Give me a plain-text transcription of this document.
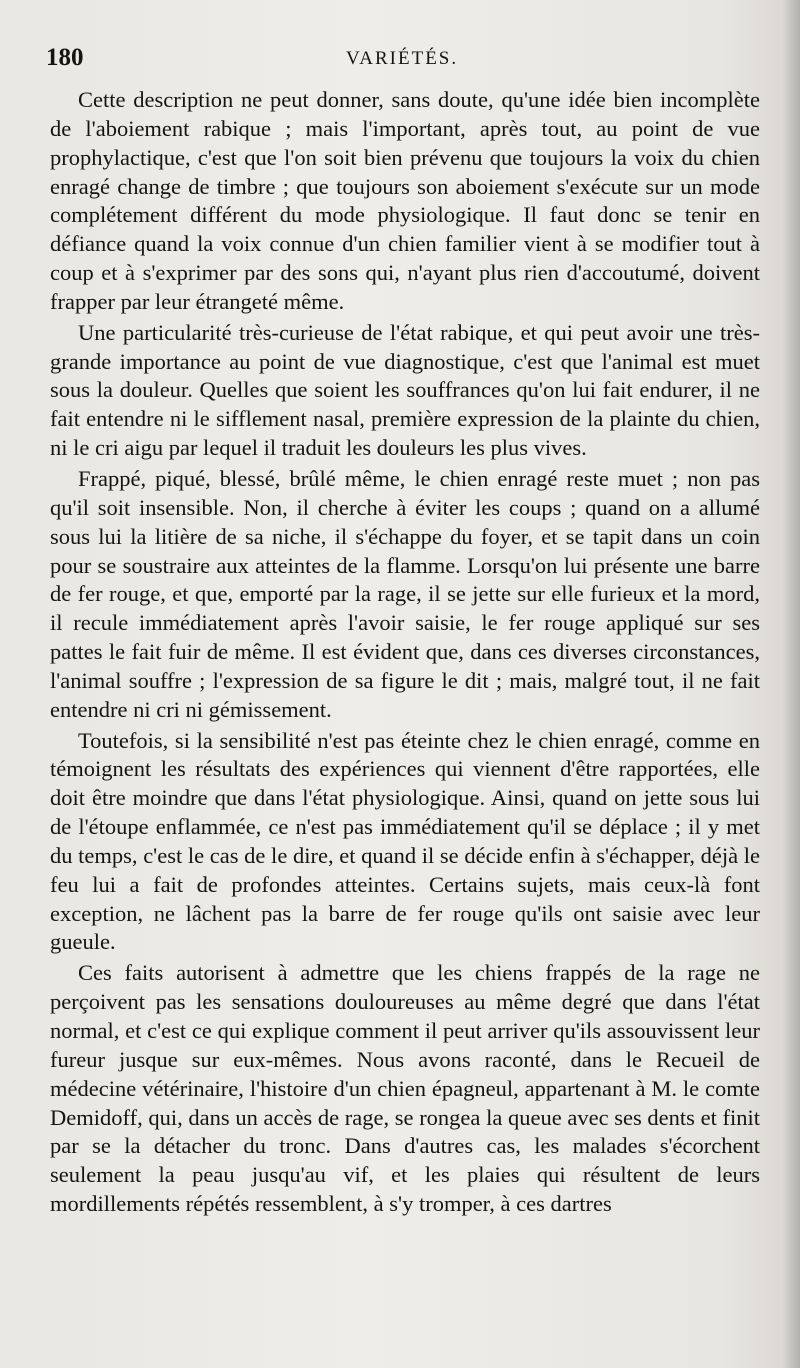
180	VARIÉTÉS.

Cette description ne peut donner, sans doute, qu'une idée bien incomplète de l'aboiement rabique ; mais l'important, après tout, au point de vue prophylactique, c'est que l'on soit bien prévenu que toujours la voix du chien enragé change de timbre ; que toujours son aboiement s'exécute sur un mode complétement différent du mode physiologique. Il faut donc se tenir en défiance quand la voix connue d'un chien familier vient à se modifier tout à coup et à s'exprimer par des sons qui, n'ayant plus rien d'accoutumé, doivent frapper par leur étrangeté même.

Une particularité très-curieuse de l'état rabique, et qui peut avoir une très-grande importance au point de vue diagnostique, c'est que l'animal est muet sous la douleur. Quelles que soient les souffrances qu'on lui fait endurer, il ne fait entendre ni le sifflement nasal, première expression de la plainte du chien, ni le cri aigu par lequel il traduit les douleurs les plus vives.

Frappé, piqué, blessé, brûlé même, le chien enragé reste muet ; non pas qu'il soit insensible. Non, il cherche à éviter les coups ; quand on a allumé sous lui la litière de sa niche, il s'échappe du foyer, et se tapit dans un coin pour se soustraire aux atteintes de la flamme. Lorsqu'on lui présente une barre de fer rouge, et que, emporté par la rage, il se jette sur elle furieux et la mord, il recule immédiatement après l'avoir saisie, le fer rouge appliqué sur ses pattes le fait fuir de même. Il est évident que, dans ces diverses circonstances, l'animal souffre ; l'expression de sa figure le dit ; mais, malgré tout, il ne fait entendre ni cri ni gémissement.

Toutefois, si la sensibilité n'est pas éteinte chez le chien enragé, comme en témoignent les résultats des expériences qui viennent d'être rapportées, elle doit être moindre que dans l'état physiologique. Ainsi, quand on jette sous lui de l'étoupe enflammée, ce n'est pas immédiatement qu'il se déplace ; il y met du temps, c'est le cas de le dire, et quand il se décide enfin à s'échapper, déjà le feu lui a fait de profondes atteintes. Certains sujets, mais ceux-là font exception, ne lâchent pas la barre de fer rouge qu'ils ont saisie avec leur gueule.

Ces faits autorisent à admettre que les chiens frappés de la rage ne perçoivent pas les sensations douloureuses au même degré que dans l'état normal, et c'est ce qui explique comment il peut arriver qu'ils assouvissent leur fureur jusque sur eux-mêmes. Nous avons raconté, dans le Recueil de médecine vétérinaire, l'histoire d'un chien épagneul, appartenant à M. le comte Demidoff, qui, dans un accès de rage, se rongea la queue avec ses dents et finit par se la détacher du tronc. Dans d'autres cas, les malades s'écorchent seulement la peau jusqu'au vif, et les plaies qui résultent de leurs mordillements répétés ressemblent, à s'y tromper, à ces dartres
